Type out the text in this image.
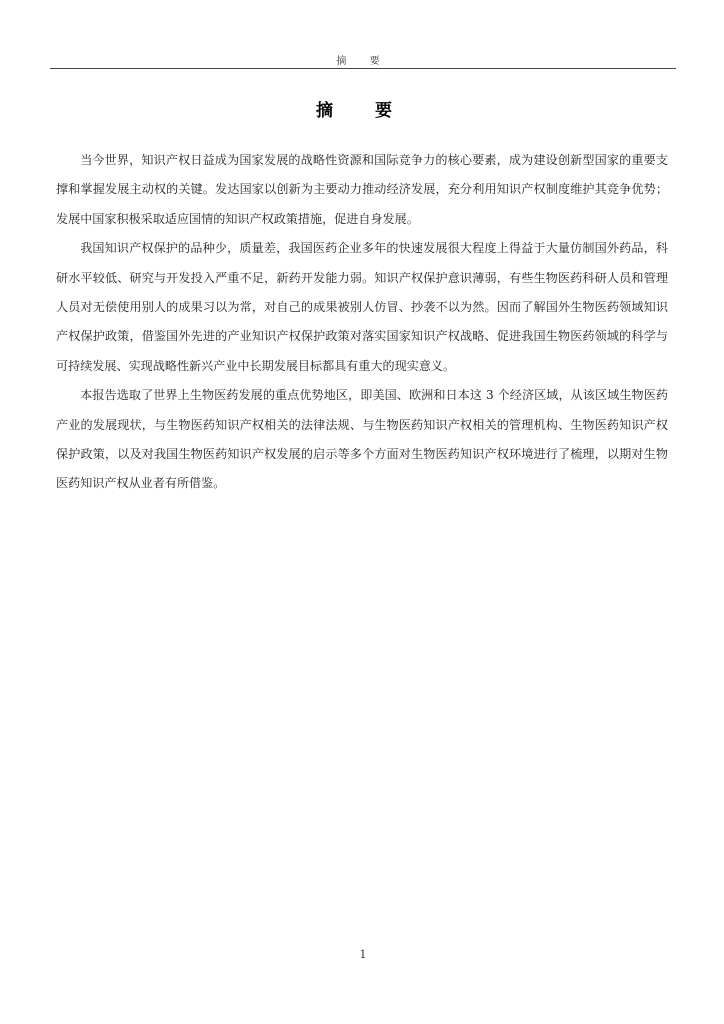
摘 要
摘 要

当今世界，知识产权日益成为国家发展的战略性资源和国际竞争力的核心要素，成为建设创新型国家的重要支撑和掌握发展主动权的关键。发达国家以创新为主要动力推动经济发展，充分利用知识产权制度维护其竞争优势；发展中国家积极采取适应国情的知识产权政策措施，促进自身发展。

我国知识产权保护的品种少，质量差，我国医药企业多年的快速发展很大程度上得益于大量仿制国外药品，科研水平较低、研究与开发投入严重不足，新药开发能力弱。知识产权保护意识薄弱，有些生物医药科研人员和管理人员对无偿使用别人的成果习以为常，对自己的成果被别人仿冒、抄袭不以为然。因而了解国外生物医药领域知识产权保护政策，借鉴国外先进的产业知识产权保护政策对落实国家知识产权战略、促进我国生物医药领域的科学与可持续发展、实现战略性新兴产业中长期发展目标都具有重大的现实意义。

本报告选取了世界上生物医药发展的重点优势地区，即美国、欧洲和日本这 3 个经济区域，从该区域生物医药产业的发展现状，与生物医药知识产权相关的法律法规、与生物医药知识产权相关的管理机构、生物医药知识产权保护政策，以及对我国生物医药知识产权发展的启示等多个方面对生物医药知识产权环境进行了梳理，以期对生物医药知识产权从业者有所借鉴。

1
